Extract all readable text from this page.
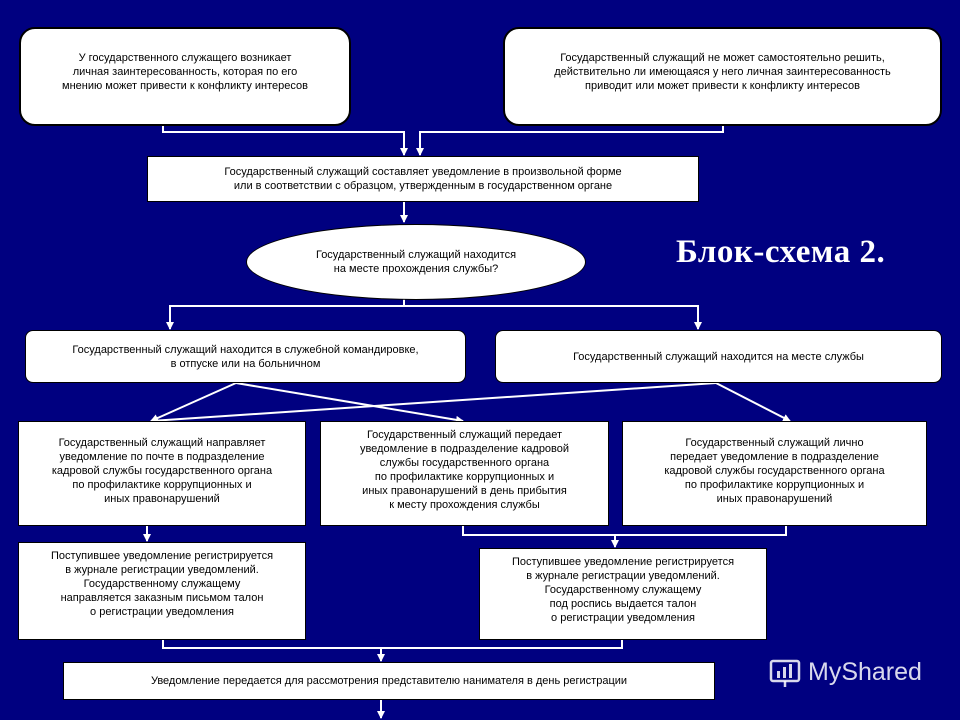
У государственного служащего возникает
личная заинтересованность, которая по его
мнению может привести к конфликту интересов
Государственный служащий не может самостоятельно решить,
действительно ли имеющаяся у него личная заинтересованность
приводит или может привести к конфликту интересов
Государственный служащий составляет уведомление в произвольной форме
или в соответствии с образцом, утвержденным в государственном органе
Государственный служащий находится
на месте прохождения службы?
Государственный служащий находится в служебной командировке,
в отпуске или на больничном
Государственный служащий находится на месте службы
Государственный служащий направляет
уведомление по почте в подразделение
кадровой службы государственного органа
по профилактике коррупционных и
иных правонарушений
Государственный служащий передает
уведомление в подразделение кадровой
службы государственного органа
по профилактике коррупционных и
иных правонарушений в день прибытия
к месту прохождения службы
Государственный служащий лично
передает уведомление в подразделение
кадровой службы государственного органа
по профилактике коррупционных и
иных правонарушений
Поступившее уведомление регистрируется
в журнале регистрации уведомлений.
Государственному служащему
направляется заказным письмом талон
о регистрации уведомления
Поступившее уведомление регистрируется
в журнале регистрации уведомлений.
Государственному служащему
под роспись выдается талон
о регистрации уведомления
Уведомление передается для рассмотрения представителю нанимателя в день регистрации
Блок-схема 2.
MyShared
